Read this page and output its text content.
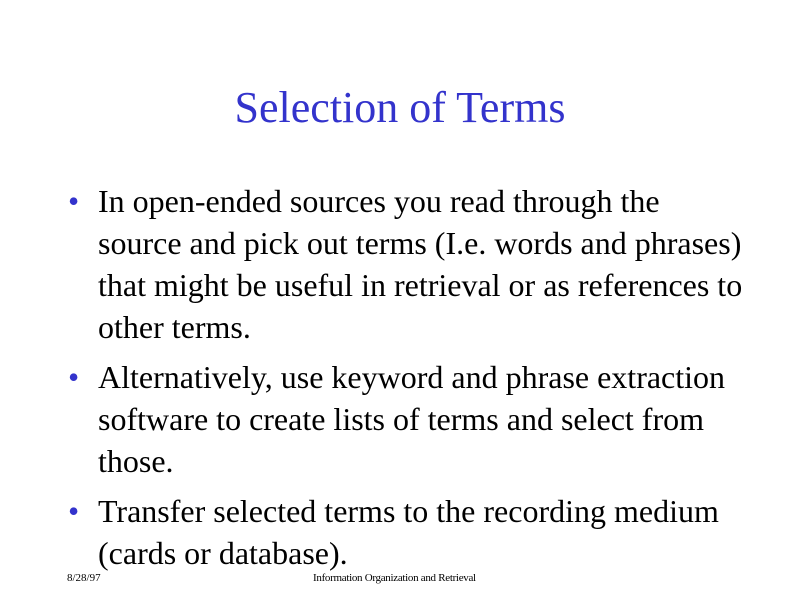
Selection of Terms
• In open-ended sources you read through the source and pick out terms (I.e. words and phrases) that might be useful in retrieval or as references to other terms.
• Alternatively, use keyword and phrase extraction software to create lists of terms and select from those.
• Transfer selected terms to the recording medium (cards or database).
8/28/97	Information Organization and Retrieval
